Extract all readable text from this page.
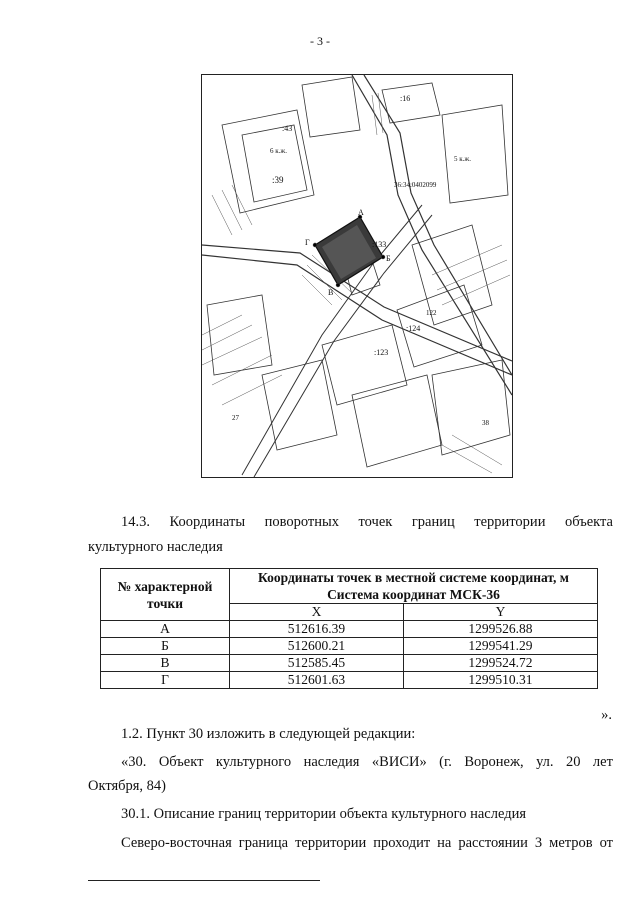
- 3 -
:16
:43
:39
6 к.ж.
5 к.ж.
36:34:0402099
А
Б
В
Г	:133
:124
122
:123
38
27
14.3. Координаты поворотных точек границ территории объекта
культурного наследия
№ характерной точки	Координаты точек в местной системе координат, м
Система координат МСК-36	
	X	Y
А	512616.39	1299526.88
Б	512600.21	1299541.29
В	512585.45	1299524.72
Г	512601.63	1299510.31
».
1.2. Пункт 30 изложить в следующей редакции:
«30. Объект культурного наследия «ВИСИ» (г. Воронеж, ул. 20 лет
Октября, 84)
30.1. Описание границ территории объекта культурного наследия
Северо-восточная граница территории проходит на расстоянии 3 метров от
